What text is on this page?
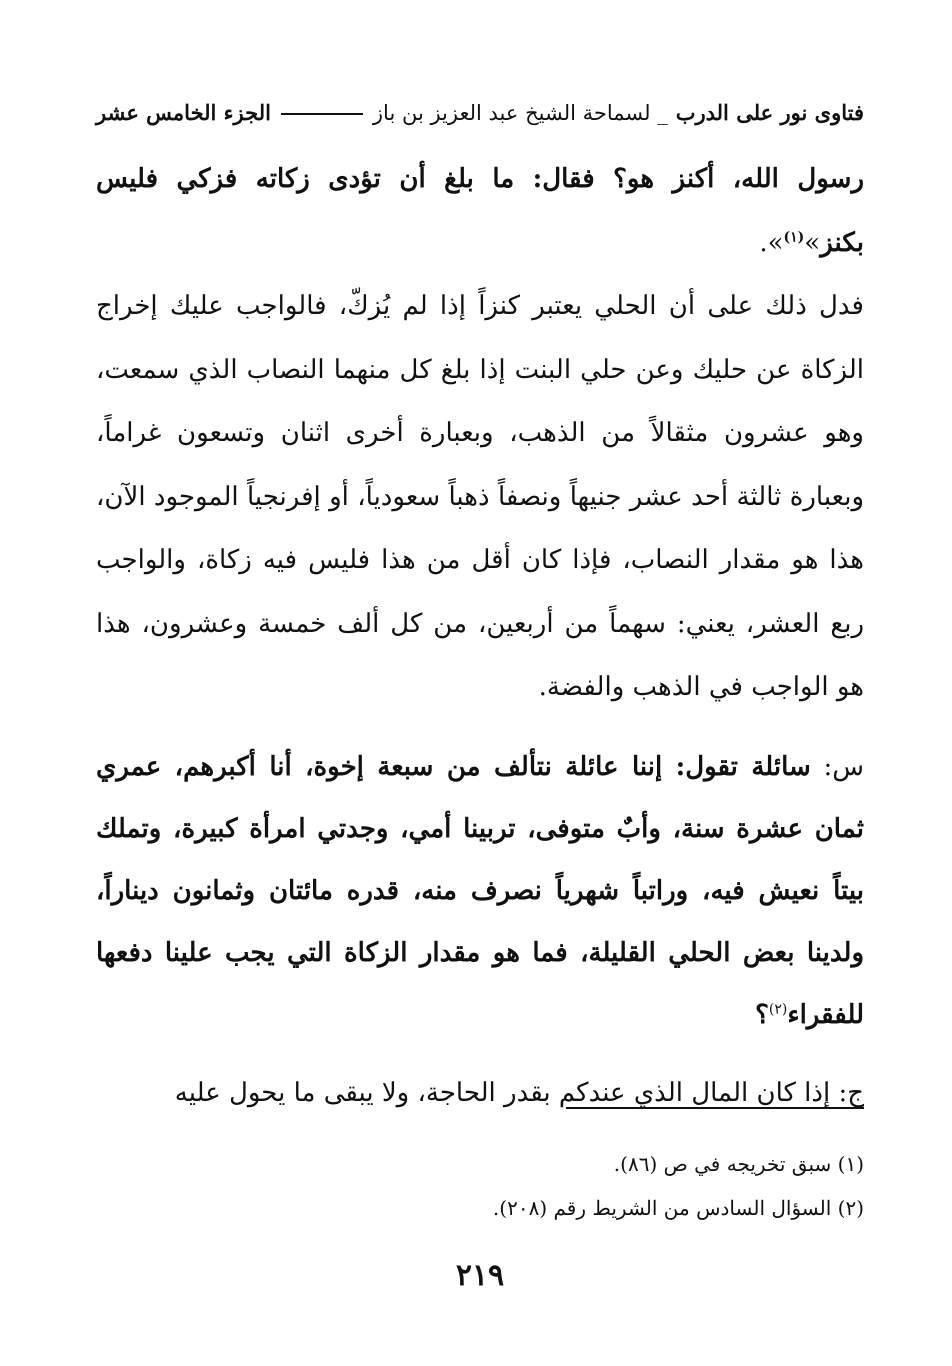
فتاوى نور على الدرب
_ لسماحة الشيخ عبد العزيز بن باز
الجزء الخامس عشر

رسول الله، أكنز هو؟ فقال: ما بلغ أن تؤدى زكاته فزكي فليس بكنز»$^{(١)}$».

فدل ذلك على أن الحلي يعتبر كنزاً إذا لم يُزكّ، فالواجب عليك إخراج الزكاة عن حليك وعن حلي البنت إذا بلغ كل منهما النصاب الذي سمعت، وهو عشرون مثقالاً من الذهب، وبعبارة أخرى اثنان وتسعون غراماً، وبعبارة ثالثة أحد عشر جنيهاً ونصفاً ذهباً سعودياً، أو إفرنجياً الموجود الآن، هذا هو مقدار النصاب، فإذا كان أقل من هذا فليس فيه زكاة، والواجب ربع العشر، يعني: سهماً من أربعين، من كل ألف خمسة وعشرون، هذا هو الواجب في الذهب والفضة.

س: سائلة تقول: إننا عائلة نتألف من سبعة إخوة، أنا أكبرهم، عمري ثمان عشرة سنة، وأبٌ متوفى، تربينا أمي، وجدتي امرأة كبيرة، وتملك بيتاً نعيش فيه، وراتباً شهرياً نصرف منه، قدره مائتان وثمانون ديناراً، ولدينا بعض الحلي القليلة، فما هو مقدار الزكاة التي يجب علينا دفعها للفقراء$^{(٢)}$؟

ج: إذا كان المال الذي عندكم بقدر الحاجة، ولا يبقى ما يحول عليه

(١) سبق تخريجه في ص (٨٦).

(٢) السؤال السادس من الشريط رقم (٢٠٨).

٢١٩
